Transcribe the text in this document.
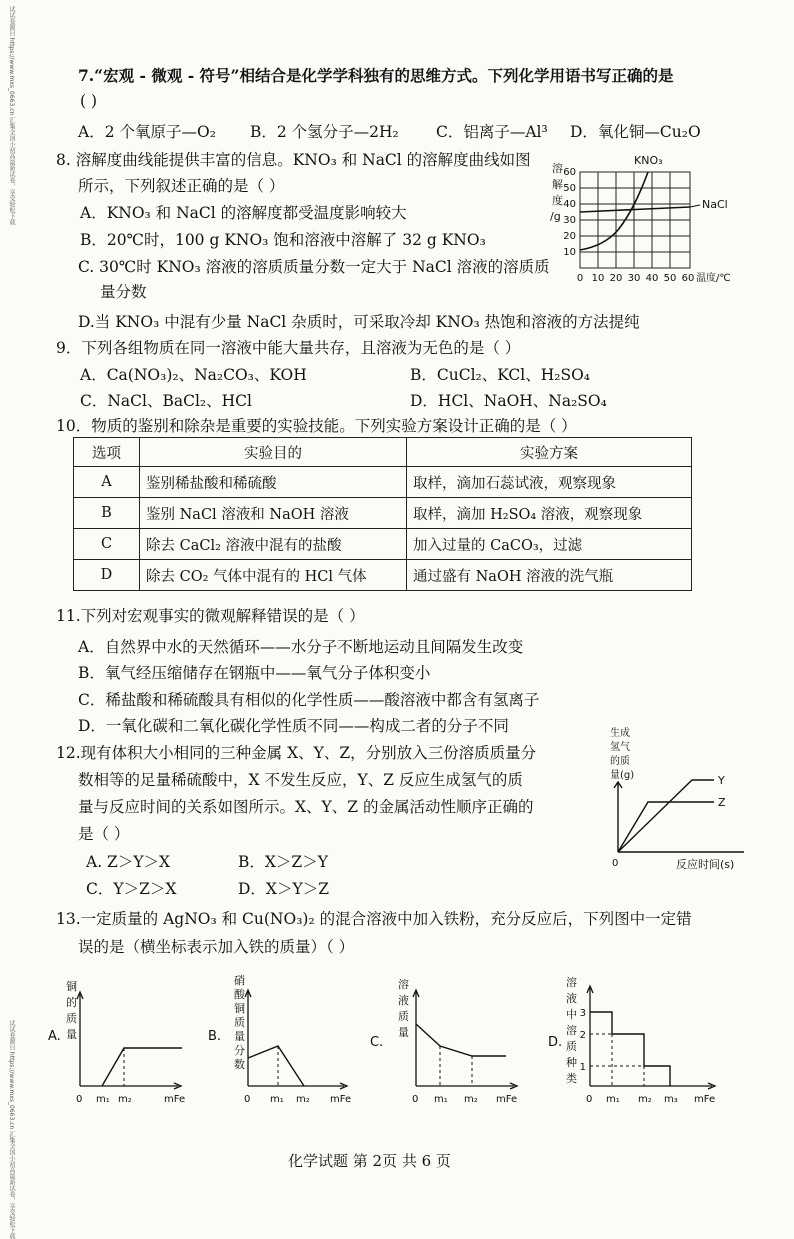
试试卷源目 https://www.mxs_0663.cn 汇集全国小初高最新试卷，享受轻松下载
试试卷源目 https://www.mxs_0663.cn 汇集全国小初高最新试卷，享受轻松下载
7.“宏观 - 微观 - 符号”相结合是化学学科独有的思维方式。下列化学用语书写正确的是
( )
A．2 个氧原子—O₂ B．2 个氢分子—2H₂ C．铝离子—Al³ D．氧化铜—Cu₂O
8. 溶解度曲线能提供丰富的信息。KNO₃ 和 NaCl 的溶解度曲线如图
所示，下列叙述正确的是（ ）
A．KNO₃ 和 NaCl 的溶解度都受温度影响较大
B．20℃时，100 g KNO₃ 饱和溶液中溶解了 32 g KNO₃
C. 30℃时 KNO₃ 溶液的溶质质量分数一定大于 NaCl 溶液的溶质质
量分数
D.当 KNO₃ 中混有少量 NaCl 杂质时，可采取冷却 KNO₃ 热饱和溶液的方法提纯
溶
解
度
/g
KNO₃
NaCl
10
20
30
40
50
60
0 10 20 30 40 50 60 温度/℃
9．下列各组物质在同一溶液中能大量共存，且溶液为无色的是（ ）
A．Ca(NO₃)₂、Na₂CO₃、KOH	B．CuCl₂、KCl、H₂SO₄
C．NaCl、BaCl₂、HCl	D．HCl、NaOH、Na₂SO₄
10．物质的鉴别和除杂是重要的实验技能。下列实验方案设计正确的是（ ）
选项	实验目的	实验方案
A	鉴别稀盐酸和稀硫酸	取样，滴加石蕊试液，观察现象
B	鉴别 NaCl 溶液和 NaOH 溶液	取样，滴加 H₂SO₄ 溶液，观察现象
C	除去 CaCl₂ 溶液中混有的盐酸	加入过量的 CaCO₃，过滤
D	除去 CO₂ 气体中混有的 HCl 气体	通过盛有 NaOH 溶液的洗气瓶
11.下列对宏观事实的微观解释错误的是（ ）
A．自然界中水的天然循环——水分子不断地运动且间隔发生改变
B．氧气经压缩储存在钢瓶中——氧气分子体积变小
C．稀盐酸和稀硫酸具有相似的化学性质——酸溶液中都含有氢离子
D．一氧化碳和二氧化碳化学性质不同——构成二者的分子不同
12.现有体积大小相同的三种金属 X、Y、Z，分别放入三份溶质质量分
数相等的足量稀硫酸中，X 不发生反应，Y、Z 反应生成氢气的质
量与反应时间的关系如图所示。X、Y、Z 的金属活动性顺序正确的
是（ ）
A. Z＞Y＞X	B．X＞Z＞Y
C．Y＞Z＞X	D．X＞Y＞Z
生成
氢气
的质
量(g)	Y
Z
0	反应时间(s)
13.一定质量的 AgNO₃ 和 Cu(NO₃)₂ 的混合溶液中加入铁粉，充分反应后，下列图中一定错
误的是（横坐标表示加入铁的质量）（ ）
铜
的
质
量
A.
0 m₁ m₂	mFe
硝
酸
铜
质
量
分
数
B.
0 m₁ m₂ mFe
溶
液
质
量
C.
0 m₁ m₂ mFe
溶
液
中
溶
质
种
类
D.
1
2
3
0 m₁ m₂ m₃ mFe
化学试题 第 2页 共 6 页
